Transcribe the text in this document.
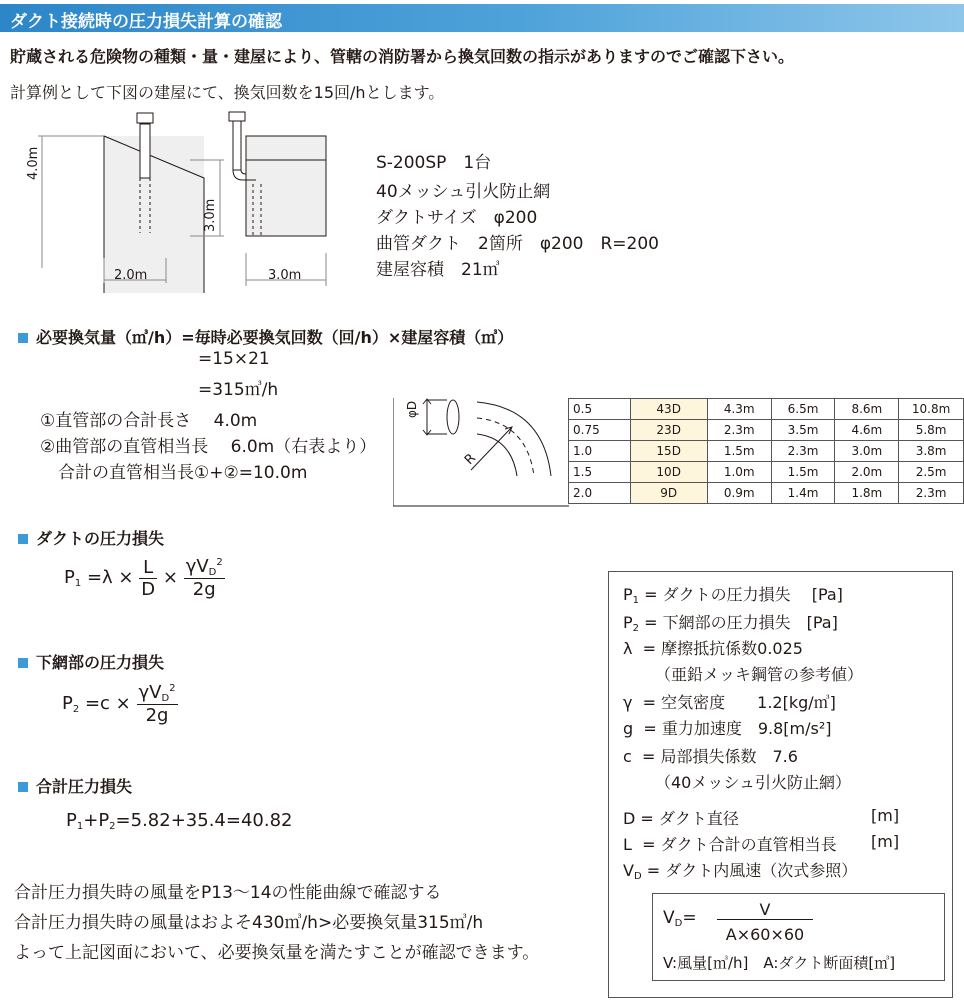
ダクト接続時の圧力損失計算の確認
貯蔵される危険物の種類・量・建屋により、管轄の消防署から換気回数の指示がありますのでご確認下さい。
計算例として下図の建屋にて、換気回数を15回/hとします。
4.0m
2.0m
3.0m
3.0m
S-200SP　1台
40メッシュ引火防止網
ダクトサイズ　φ200
曲管ダクト　2箇所　φ200　R=200
建屋容積　21㎥
必要換気量（㎥/h）=毎時必要換気回数（回/h）×建屋容積（㎥）
=15×21
=315㎥/h
①直管部の合計長さ　 4.0m
②曲管部の直管相当長　 6.0m（右表より）
合計の直管相当長①+②=10.0m
φD
R
0.5	43D	4.3m	6.5m	8.6m	10.8m
0.75	23D	2.3m	3.5m	4.6m	5.8m
1.0	15D	1.5m	2.3m	3.0m	3.8m
1.5	10D	1.0m	1.5m	2.0m	2.5m
2.0	9D	0.9m	1.4m	1.8m	2.3m
ダクトの圧力損失
$P_1 =\lambda \times \frac{L}{D} \times \frac{\gamma V_D^2}{2g}$
下網部の圧力損失
$P_2 =c \times \frac{\gamma V_D^2}{2g}$
合計圧力損失
$P_1+P_2=5.82+35.4=40.82$
合計圧力損失時の風量をP13～14の性能曲線で確認する
合計圧力損失時の風量はおよそ430㎥/h>必要換気量315㎥/h
よって上記図面において、必要換気量を満たすことが確認できます。
$P_1$ = ダクトの圧力損失　 [Pa]
$P_2$ = 下網部の圧力損失　[Pa]
λ = 摩擦抵抗係数0.025
（亜鉛メッキ鋼管の参考値）
γ = 空気密度　　1.2[kg/㎥]
g = 重力加速度　9.8[m/s²]
c = 局部損失係数　7.6
（40メッシュ引火防止網）
D = ダクト直径	[m]
L = ダクト合計の直管相当長 [m]
$V_D$ = ダクト内風速（次式参照）
$V_D=$	V
A×60×60
V:風量[㎥/h]　A:ダクト断面積[㎥]
